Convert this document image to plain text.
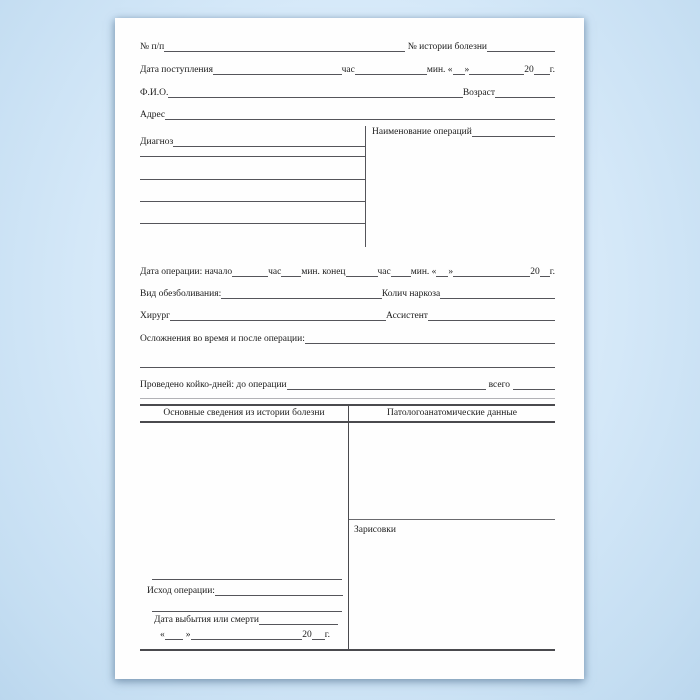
№ п/п	№ истории болезни
Дата поступления	час	мин. « »	20 г.
Ф.И.О.	Возраст
Адрес
Диагноз
Наименование операций
Дата операции: начало	час мин. конец	час мин. « »	20 г.
Вид обезболивания:	Колич наркоза
Хирург	Ассистент
Осложнения во время и после операции:
Проведено койко-дней: до операции	всего
Основные сведения из истории болезни	Патологоанатомические данные
Зарисовки
Исход операции:
Дата выбытия или смерти
«	»	20 г.
